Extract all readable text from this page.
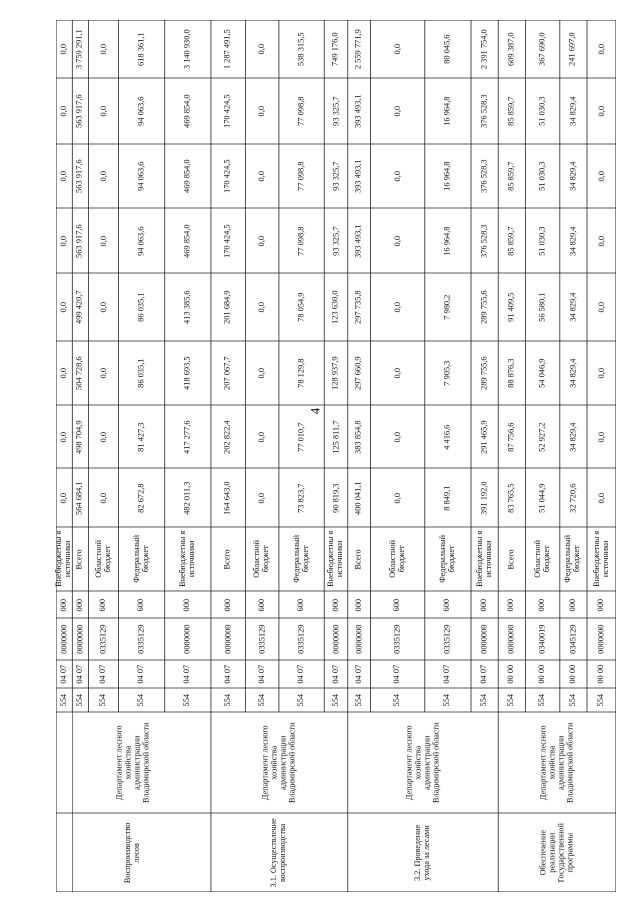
4
554
04 07
0000000
000
Внебюджетны я источники
0,0
0,0
0,0
0,0
0,0
0,0
0,0
0,0
554
04 07
0000000
000
Всего
564 684,1
498 704,9
504 728,6
499 420,7
563 917,6
563 917,6
563 917,6
3 759 291,1
554
04 07
0335129
600
Областной бюджет
0,0
0,0
0,0
0,0
0,0
0,0
0,0
0,0
554
04 07
0335129
600
Федеральный бюджет
82 672,8
81 427,3
86 035,1
86 035,1
94 063,6
94 063,6
94 063,6
618 361,1
554
04 07
0000000
000
Внебюджетны я источники
482 011,3
417 277,6
418 693,5
413 385,6
469 854,0
469 854,0
469 854,0
3 140 930,0
554
04 07
0000000
000
Всего
164 643,0
202 822,4
207 067,7
201 684,9
170 424,5
170 424,5
170 424,5
1 287 491,5
554
04 07
0335129
600
Областной бюджет
0,0
0,0
0,0
0,0
0,0
0,0
0,0
0,0
554
04 07
0335129
600
Федеральный бюджет
73 823,7
77 010,7
78 129,8
78 054,9
77 098,8
77 098,8
77 098,8
538 315,5
554
04 07
0000000
000
Внебюджетны я источники
90 819,3
125 811,7
128 937,9
123 630,0
93 325,7
93 325,7
93 325,7
749 176,0
554
04 07
0000000
000
Всего
400 041,1
383 854,8
297 660,9
297 735,8
393 493,1
393 493,1
393 493,1
2 559 771,9
554
04 07
0335129
600
Областной бюджет
0,0
0,0
0,0
0,0
0,0
0,0
0,0
0,0
554
04 07
0335129
600
Федеральный бюджет
8 849,1
4 416,6
7 905,3
7 980,2
16 964,8
16 964,8
16 964,8
80 045,6
554
04 07
0000000
000
Внебюджетны я источники
391 192,0
291 465,9
289 755,6
289 755,6
376 528,3
376 528,3
376 528,3
2 391 754,0
554
00 00
0000000
000
Всего
83 765,5
87 756,6
88 876,3
91 409,5
85 859,7
85 859,7
85 859,7
609 387,0
554
00 00
0340019
000
Областной бюджет
51 044,9
52 927,2
54 046,9
56 580,1
51 030,3
51 030,3
51 030,3
367 690,0
554
00 00
0345129
000
Федеральный бюджет
32 720,6
34 829,4
34 829,4
34 829,4
34 829,4
34 829,4
34 829,4
241 697,0
554
00 00
0000000
000
Внебюджетны я источники
0,0
0,0
0,0
0,0
0,0
0,0
0,0
0,0
Департамент лесного хозяйства администрации Владимирской области
Воспроизводство лесов
Департамент лесного хозяйства администрации Владимирской области
3.1. Осуществление воспроизводства
Департамент лесного хозяйства администрации Владимирской области
3.2. Проведение ухода за лесами
Департамент лесного хозяйства администрации Владимирской области
Обеспечение реализации Государственной программы
